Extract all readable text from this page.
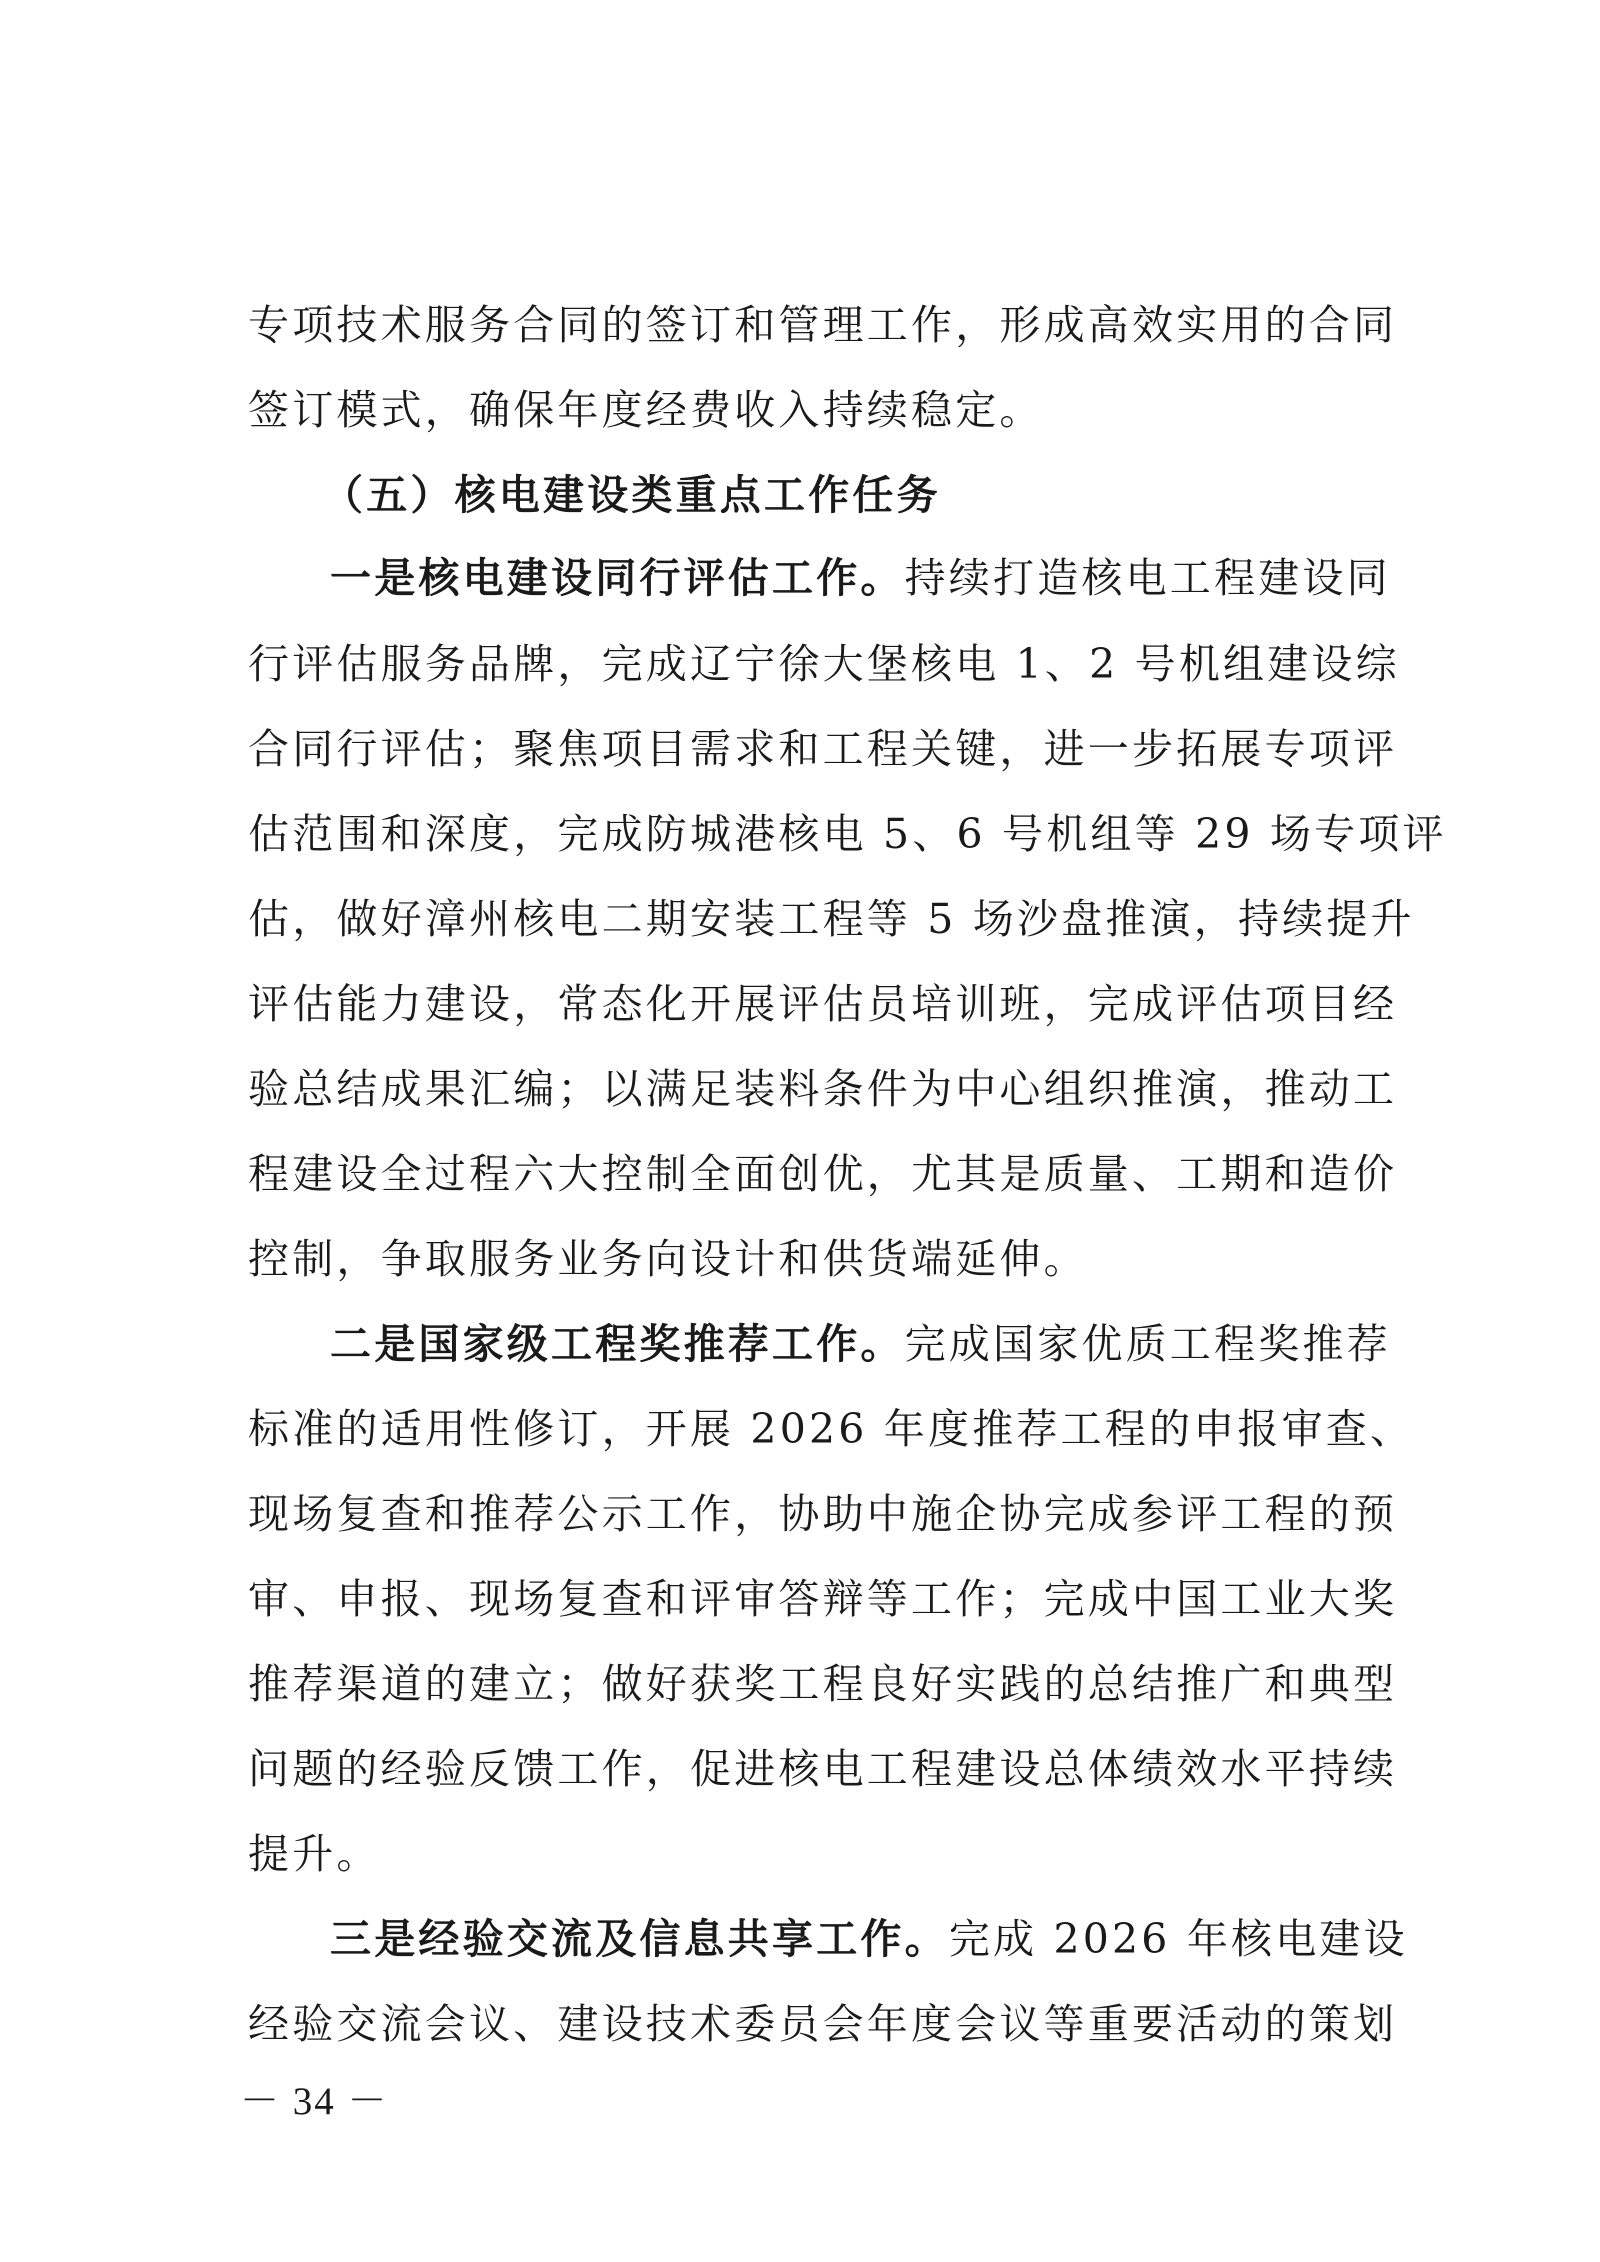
专项技术服务合同的签订和管理工作，形成高效实用的合同
签订模式，确保年度经费收入持续稳定。
（五）核电建设类重点工作任务
一是核电建设同行评估工作。持续打造核电工程建设同
行评估服务品牌，完成辽宁徐大堡核电 1、2 号机组建设综
合同行评估；聚焦项目需求和工程关键，进一步拓展专项评
估范围和深度，完成防城港核电 5、6 号机组等 29 场专项评
估，做好漳州核电二期安装工程等 5 场沙盘推演，持续提升
评估能力建设，常态化开展评估员培训班，完成评估项目经
验总结成果汇编；以满足装料条件为中心组织推演，推动工
程建设全过程六大控制全面创优，尤其是质量、工期和造价
控制，争取服务业务向设计和供货端延伸。
二是国家级工程奖推荐工作。完成国家优质工程奖推荐
标准的适用性修订，开展 2026 年度推荐工程的申报审查、
现场复查和推荐公示工作，协助中施企协完成参评工程的预
审、申报、现场复查和评审答辩等工作；完成中国工业大奖
推荐渠道的建立；做好获奖工程良好实践的总结推广和典型
问题的经验反馈工作，促进核电工程建设总体绩效水平持续
提升。
三是经验交流及信息共享工作。完成 2026 年核电建设
经验交流会议、建设技术委员会年度会议等重要活动的策划
－ 34 －
